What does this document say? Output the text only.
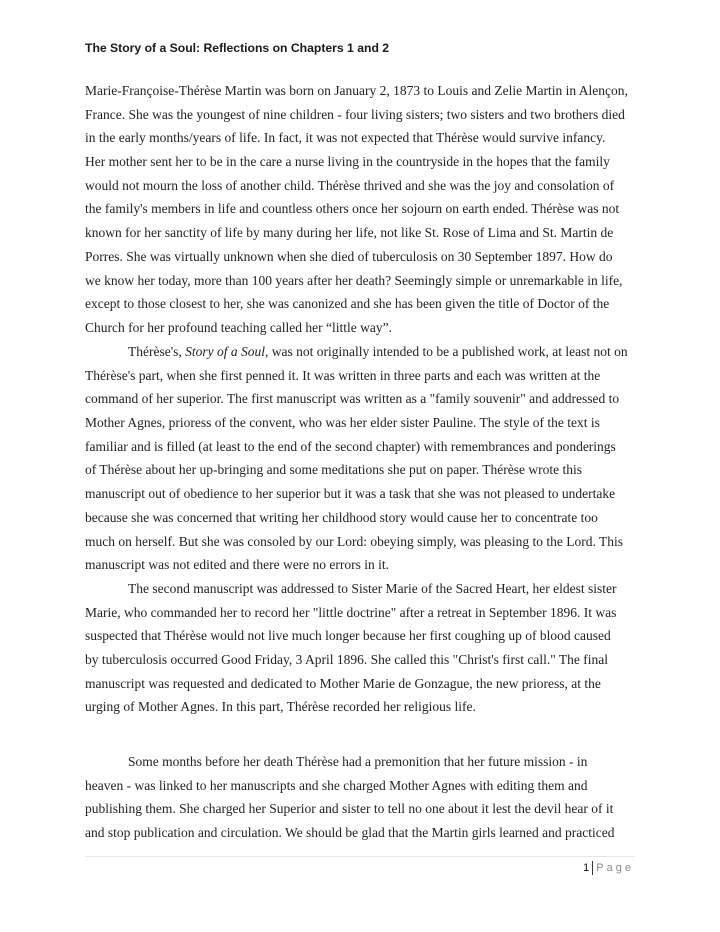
The Story of a Soul: Reflections on Chapters 1 and 2
Marie-Françoise-Thérèse Martin was born on January 2, 1873 to Louis and Zelie Martin in Alençon,
France. She was the youngest of nine children - four living sisters; two sisters and two brothers died
in the early months/years of life. In fact, it was not expected that Thérèse would survive infancy.
Her mother sent her to be in the care a nurse living in the countryside in the hopes that the family
would not mourn the loss of another child. Thérèse thrived and she was the joy and consolation of
the family's members in life and countless others once her sojourn on earth ended. Thérèse was not
known for her sanctity of life by many during her life, not like St. Rose of Lima and St. Martin de
Porres. She was virtually unknown when she died of tuberculosis on 30 September 1897. How do
we know her today, more than 100 years after her death? Seemingly simple or unremarkable in life,
except to those closest to her, she was canonized and she has been given the title of Doctor of the
Church for her profound teaching called her “little way”.
Thérèse's, Story of a Soul, was not originally intended to be a published work, at least not on
Thérèse's part, when she first penned it. It was written in three parts and each was written at the
command of her superior. The first manuscript was written as a "family souvenir" and addressed to
Mother Agnes, prioress of the convent, who was her elder sister Pauline. The style of the text is
familiar and is filled (at least to the end of the second chapter) with remembrances and ponderings
of Thérèse about her up-bringing and some meditations she put on paper. Thérèse wrote this
manuscript out of obedience to her superior but it was a task that she was not pleased to undertake
because she was concerned that writing her childhood story would cause her to concentrate too
much on herself. But she was consoled by our Lord: obeying simply, was pleasing to the Lord. This
manuscript was not edited and there were no errors in it.
The second manuscript was addressed to Sister Marie of the Sacred Heart, her eldest sister
Marie, who commanded her to record her "little doctrine" after a retreat in September 1896. It was
suspected that Thérèse would not live much longer because her first coughing up of blood caused
by tuberculosis occurred Good Friday, 3 April 1896. She called this "Christ's first call." The final
manuscript was requested and dedicated to Mother Marie de Gonzague, the new prioress, at the
urging of Mother Agnes. In this part, Thérèse recorded her religious life.
Some months before her death Thérèse had a premonition that her future mission - in
heaven - was linked to her manuscripts and she charged Mother Agnes with editing them and
publishing them. She charged her Superior and sister to tell no one about it lest the devil hear of it
and stop publication and circulation. We should be glad that the Martin girls learned and practiced
1 Page
